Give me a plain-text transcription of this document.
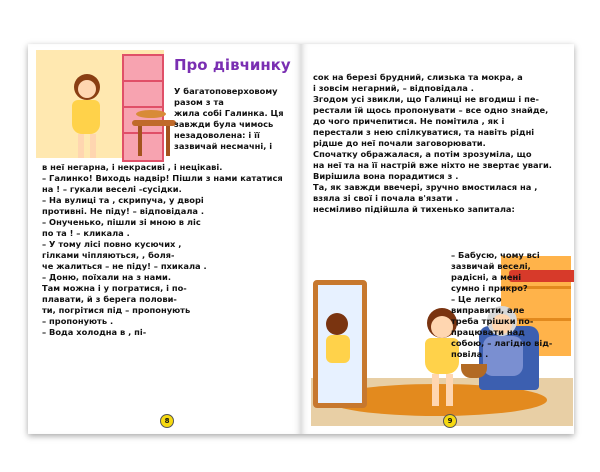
Про дівчинку
У багатоповерховому
разом з та
жила собі Галинка. Ця
завжди була чимось
незадоволена: і її
зазвичай несмачні, і
в неї негарна, і некрасиві , і нецікаві.
– Галинко! Виходь надвір! Пішли з нами кататися
на ! – гукали веселі -сусідки.
– На вулиці та , скрипуча, у дворі
противні. Не піду! – відповідала .
– Онученько, пішли зі мною в ліс
по та ! – кликала .
– У тому лісі повно кусючих ,
гілками чіпляються, , боля-
че жалиться – не піду! – пхикала .
– Доню, поїхали на з нами.
Там можна і у погратися, і по-
плавати, й з берега полови-
ти, погрітися під – пропонують
– пропонують .
– Вода холодна в , пі-
8
сок на березі брудний, слизька та мокра, а
і зовсім негарний, – відповідала .
Згодом усі звикли, що Галинці не вгодиш і пе-
рестали їй щось пропонувати – все одно знайде,
до чого причепитися. Не помітила , як і
перестали з нею спілкуватися, та навіть рідні
рідше до неї почали заговорювати.
Спочатку ображалася, а потім зрозуміла, що
на неї та на її настрій вже ніхто не звертає уваги.
Вирішила вона порадитися з .
Та, як завжди ввечері, зручно вмостилася на ,
взяла зі свої і почала в'язати .
несміливо підійшла й тихенько запитала:
– Бабусю, чому всі
зазвичай веселі,
радісні, а мені
сумно і прикро?
– Це легко
виправити, але
треба трішки по-
працювати над
собою, – лагідно від-
повіла .
9
